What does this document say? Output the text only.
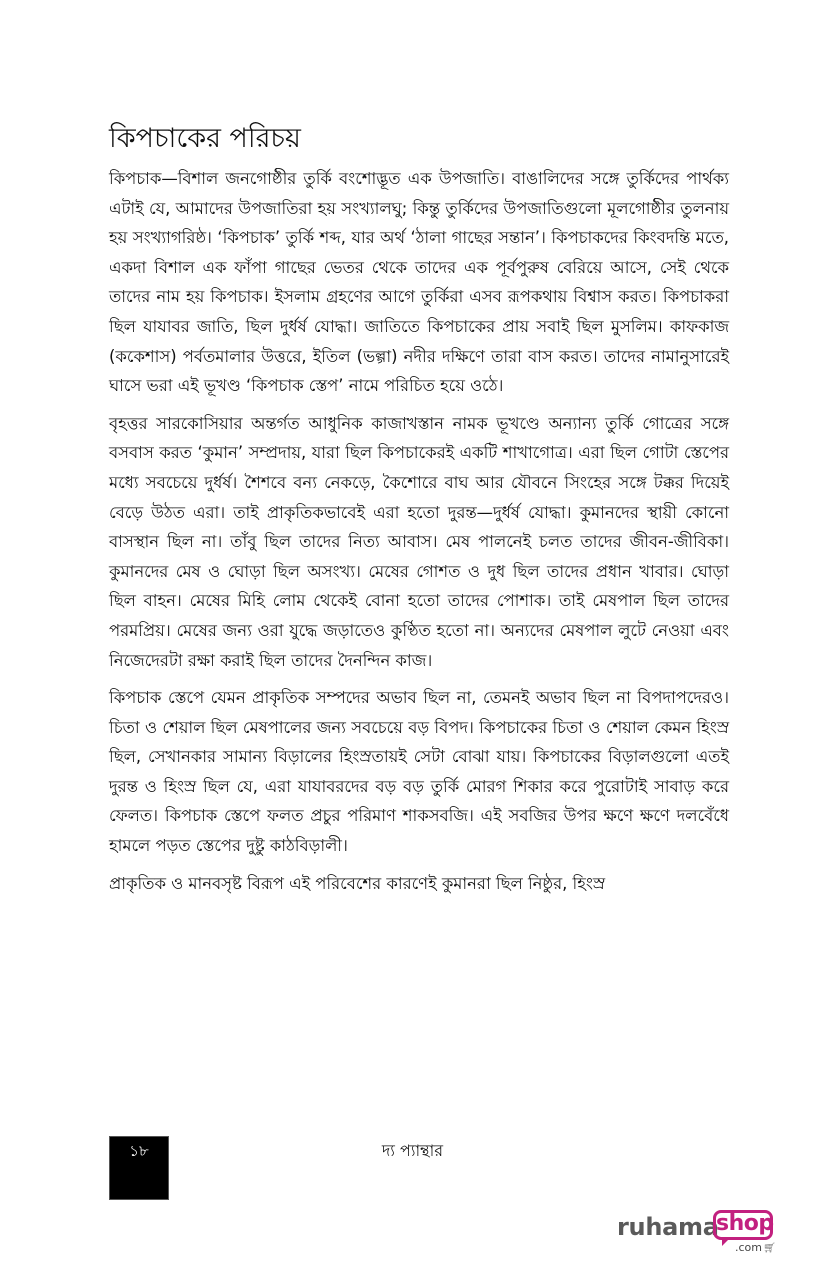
কিপচাকের পরিচয়

কিপচাক—বিশাল জনগোষ্ঠীর তুর্কি বংশোদ্ভূত এক উপজাতি। বাঙালিদের সঙ্গে তুর্কিদের পার্থক্য এটাই যে, আমাদের উপজাতিরা হয় সংখ্যালঘু; কিন্তু তুর্কিদের উপজাতিগুলো মূলগোষ্ঠীর তুলনায় হয় সংখ্যাগরিষ্ঠ। ‘কিপচাক’ তুর্কি শব্দ, যার অর্থ ‘ঠালা গাছের সন্তান’। কিপচাকদের কিংবদন্তি মতে, একদা বিশাল এক ফাঁপা গাছের ভেতর থেকে তাদের এক পূর্বপুরুষ বেরিয়ে আসে, সেই থেকে তাদের নাম হয় কিপচাক। ইসলাম গ্রহণের আগে তুর্কিরা এসব রূপকথায় বিশ্বাস করত। কিপচাকরা ছিল যাযাবর জাতি, ছিল দুর্ধর্ষ যোদ্ধা। জাতিতে কিপচাকের প্রায় সবাই ছিল মুসলিম। কাফকাজ (ককেশাস) পর্বতমালার উত্তরে, ইতিল (ভল্গা) নদীর দক্ষিণে তারা বাস করত। তাদের নামানুসারেই ঘাসে ভরা এই ভূখণ্ড ‘কিপচাক স্তেপ’ নামে পরিচিত হয়ে ওঠে।

বৃহত্তর সারকোসিয়ার অন্তর্গত আধুনিক কাজাখস্তান নামক ভূখণ্ডে অন্যান্য তুর্কি গোত্রের সঙ্গে বসবাস করত ‘কুমান’ সম্প্রদায়, যারা ছিল কিপচাকেরই একটি শাখাগোত্র। এরা ছিল গোটা স্তেপের মধ্যে সবচেয়ে দুর্ধর্ষ। শৈশবে বন্য নেকড়ে, কৈশোরে বাঘ আর যৌবনে সিংহের সঙ্গে টক্কর দিয়েই বেড়ে উঠত এরা। তাই প্রাকৃতিকভাবেই এরা হতো দুরন্ত—দুর্ধর্ষ যোদ্ধা। কুমানদের স্থায়ী কোনো বাসস্থান ছিল না। তাঁবু ছিল তাদের নিত্য আবাস। মেষ পালনেই চলত তাদের জীবন-জীবিকা। কুমানদের মেষ ও ঘোড়া ছিল অসংখ্য। মেষের গোশত ও দুধ ছিল তাদের প্রধান খাবার। ঘোড়া ছিল বাহন। মেষের মিহি লোম থেকেই বোনা হতো তাদের পোশাক। তাই মেষপাল ছিল তাদের পরমপ্রিয়। মেষের জন্য ওরা যুদ্ধে জড়াতেও কুণ্ঠিত হতো না। অন্যদের মেষপাল লুটে নেওয়া এবং নিজেদেরটা রক্ষা করাই ছিল তাদের দৈনন্দিন কাজ।

কিপচাক স্তেপে যেমন প্রাকৃতিক সম্পদের অভাব ছিল না, তেমনই অভাব ছিল না বিপদাপদেরও। চিতা ও শেয়াল ছিল মেষপালের জন্য সবচেয়ে বড় বিপদ। কিপচাকের চিতা ও শেয়াল কেমন হিংস্র ছিল, সেখানকার সামান্য বিড়ালের হিংস্রতায়ই সেটা বোঝা যায়। কিপচাকের বিড়ালগুলো এতই দুরন্ত ও হিংস্র ছিল যে, এরা যাযাবরদের বড় বড় তুর্কি মোরগ শিকার করে পুরোটাই সাবাড় করে ফেলত। কিপচাক স্তেপে ফলত প্রচুর পরিমাণ শাকসবজি। এই সবজির উপর ক্ষণে ক্ষণে দলবেঁধে হামলে পড়ত স্তেপের দুষ্টু কাঠবিড়ালী।

প্রাকৃতিক ও মানবসৃষ্ট বিরূপ এই পরিবেশের কারণেই কুমানরা ছিল নিষ্ঠুর, হিংস্র

১৮	দ্য প্যান্থার
ruhama
shop
.com🛒︎
